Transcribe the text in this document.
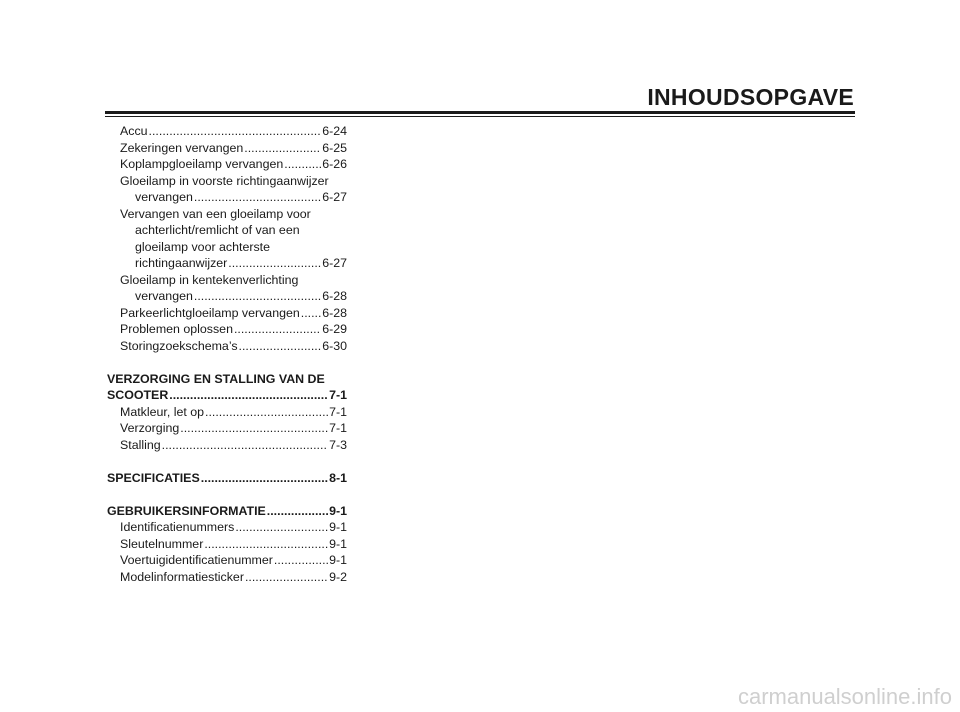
INHOUDSOPGAVE
Accu .....	6-24
Zekeringen vervangen .....	6-25
Koplampgloeilamp vervangen .....	6-26
Gloeilamp in voorste richtingaanwijzer
vervangen .....	6-27
Vervangen van een gloeilamp voor
achterlicht/remlicht of van een
gloeilamp voor achterste
richtingaanwijzer .....	6-27
Gloeilamp in kentekenverlichting
vervangen .....	6-28
Parkeerlichtgloeilamp vervangen ..... 6-28
Problemen oplossen .....	6-29
Storingzoekschema’s .....	6-30
VERZORGING EN STALLING VAN DE
SCOOTER .....	7-1
Matkleur, let op .....	7-1
Verzorging .....	7-1
Stalling .....	7-3
SPECIFICATIES .....	8-1
GEBRUIKERSINFORMATIE .....	9-1
Identificatienummers .....	9-1
Sleutelnummer .....	9-1
Voertuigidentificatienummer .....	9-1
Modelinformatiesticker .....	9-2
carmanualsonline.info
